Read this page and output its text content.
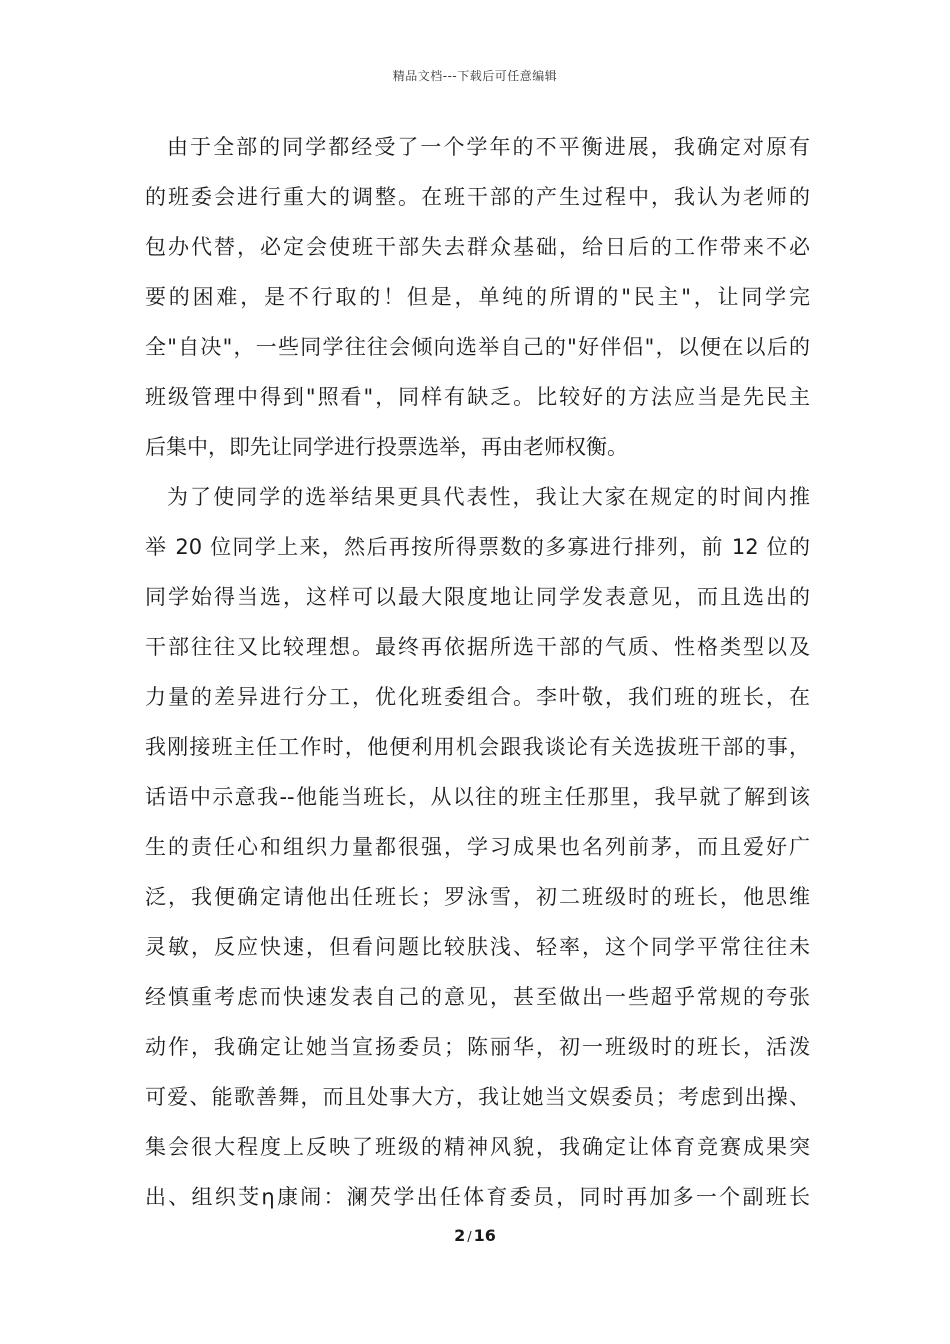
精品文档---下载后可任意编辑
由于全部的同学都经受了一个学年的不平衡进展，我确定对原有
的班委会进行重大的调整。在班干部的产生过程中，我认为老师的
包办代替，必定会使班干部失去群众基础，给日后的工作带来不必
要的困难，是不行取的！但是，单纯的所谓的"民主"，让同学完
全"自决"，一些同学往往会倾向选举自己的"好伴侣"，以便在以后的
班级管理中得到"照看"，同样有缺乏。比较好的方法应当是先民主
后集中，即先让同学进行投票选举，再由老师权衡。
为了使同学的选举结果更具代表性，我让大家在规定的时间内推
举 20 位同学上来，然后再按所得票数的多寡进行排列，前 12 位的
同学始得当选，这样可以最大限度地让同学发表意见，而且选出的
干部往往又比较理想。最终再依据所选干部的气质、性格类型以及
力量的差异进行分工，优化班委组合。李叶敬，我们班的班长，在
我刚接班主任工作时，他便利用机会跟我谈论有关选拔班干部的事，
话语中示意我--他能当班长，从以往的班主任那里，我早就了解到该
生的责任心和组织力量都很强，学习成果也名列前茅，而且爱好广
泛，我便确定请他出任班长；罗泳雪，初二班级时的班长，他思维
灵敏，反应快速，但看问题比较肤浅、轻率，这个同学平常往往未
经慎重考虑而快速发表自己的意见，甚至做出一些超乎常规的夸张
动作，我确定让她当宣扬委员；陈丽华，初一班级时的班长，活泼
可爱、能歌善舞，而且处事大方，我让她当文娱委员；考虑到出操、
集会很大程度上反映了班级的精神风貌，我确定让体育竞赛成果突
出、组织芠η康闹：澜芡学出任体育委员，同时再加多一个副班长
2 / 16
